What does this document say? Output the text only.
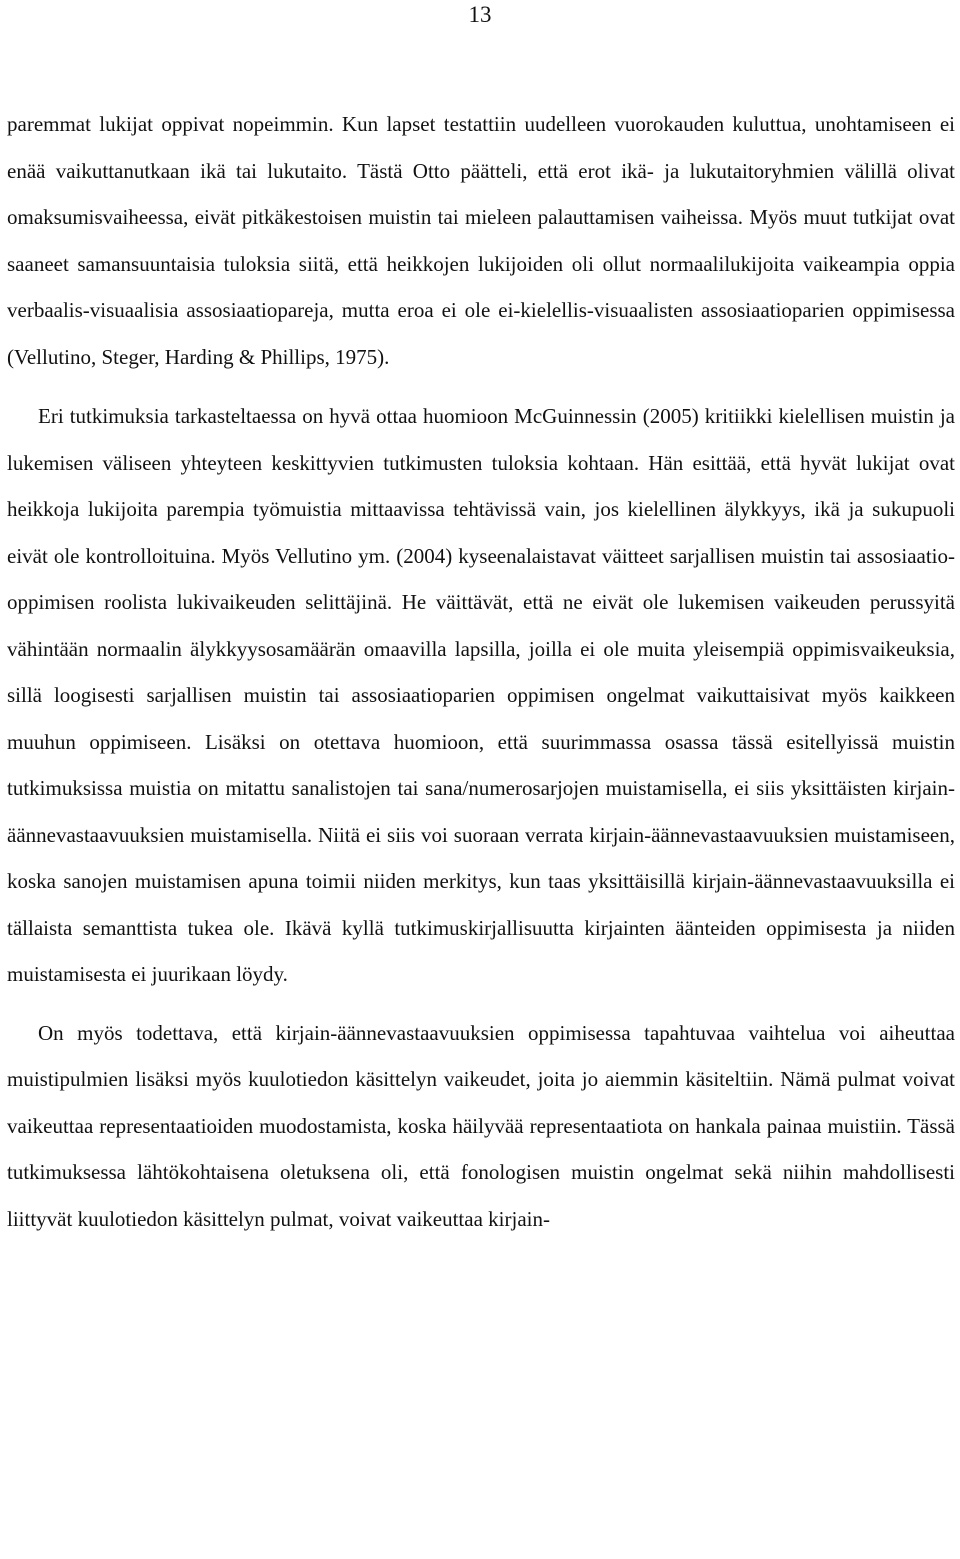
13

paremmat lukijat oppivat nopeimmin. Kun lapset testattiin uudelleen vuorokauden kuluttua, unohtamiseen ei enää vaikuttanutkaan ikä tai lukutaito. Tästä Otto päätteli, että erot ikä- ja lukutaitoryhmien välillä olivat omaksumisvaiheessa, eivät pitkäkestoisen muistin tai mieleen palauttamisen vaiheissa. Myös muut tutkijat ovat saaneet samansuuntaisia tuloksia siitä, että heikkojen lukijoiden oli ollut normaalilukijoita vaikeampia oppia verbaalis-visuaalisia assosiaatiopareja, mutta eroa ei ole ei-kielellis-visuaalisten assosiaatioparien oppimisessa (Vellutino, Steger, Harding & Phillips, 1975).

Eri tutkimuksia tarkasteltaessa on hyvä ottaa huomioon McGuinnessin (2005) kritiikki kielellisen muistin ja lukemisen väliseen yhteyteen keskittyvien tutkimusten tuloksia kohtaan. Hän esittää, että hyvät lukijat ovat heikkoja lukijoita parempia työmuistia mittaavissa tehtävissä vain, jos kielellinen älykkyys, ikä ja sukupuoli eivät ole kontrolloituina. Myös Vellutino ym. (2004) kyseenalaistavat väitteet sarjallisen muistin tai assosiaatio-oppimisen roolista lukivaikeuden selittäjinä. He väittävät, että ne eivät ole lukemisen vaikeuden perussyitä vähintään normaalin älykkyysosamäärän omaavilla lapsilla, joilla ei ole muita yleisempiä oppimisvaikeuksia, sillä loogisesti sarjallisen muistin tai assosiaatioparien oppimisen ongelmat vaikuttaisivat myös kaikkeen muuhun oppimiseen. Lisäksi on otettava huomioon, että suurimmassa osassa tässä esitellyissä muistin tutkimuksissa muistia on mitattu sanalistojen tai sana/numerosarjojen muistamisella, ei siis yksittäisten kirjain-äännevastaavuuksien muistamisella. Niitä ei siis voi suoraan verrata kirjain-äännevastaavuuksien muistamiseen, koska sanojen muistamisen apuna toimii niiden merkitys, kun taas yksittäisillä kirjain-äännevastaavuuksilla ei tällaista semanttista tukea ole. Ikävä kyllä tutkimuskirjallisuutta kirjainten äänteiden oppimisesta ja niiden muistamisesta ei juurikaan löydy.

On myös todettava, että kirjain-äännevastaavuuksien oppimisessa tapahtuvaa vaihtelua voi aiheuttaa muistipulmien lisäksi myös kuulotiedon käsittelyn vaikeudet, joita jo aiemmin käsiteltiin. Nämä pulmat voivat vaikeuttaa representaatioiden muodostamista, koska häilyvää representaatiota on hankala painaa muistiin. Tässä tutkimuksessa lähtökohtaisena oletuksena oli, että fonologisen muistin ongelmat sekä niihin mahdollisesti liittyvät kuulotiedon käsittelyn pulmat, voivat vaikeuttaa kirjain-
